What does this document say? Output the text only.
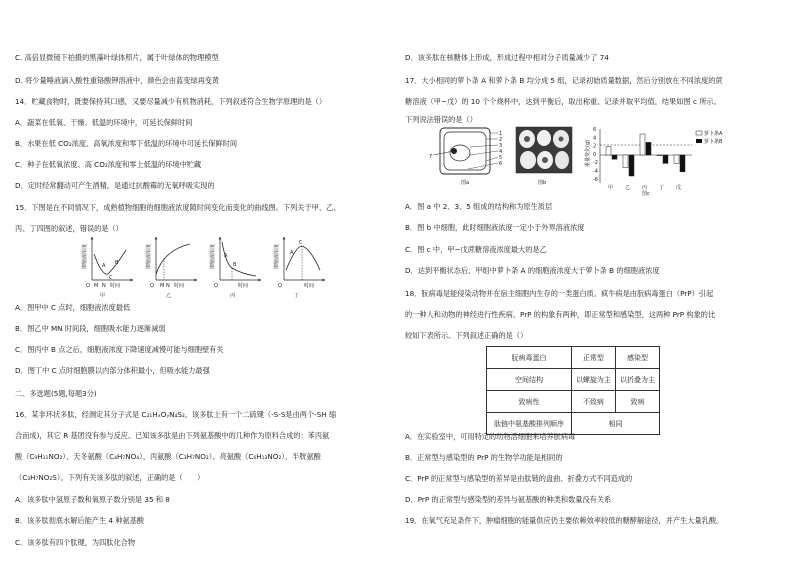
C. 高倍显微镜下拍摄的黑藻叶绿体照片，属于叶绿体的物理模型
D. 将少量唾液滴入酸性重铬酸钾溶液中，颜色会由蓝变绿再变黄
14．贮藏食物时，既要保持其口感，又要尽量减少有机物消耗，下列叙述符合生物学原理的是（）
A．蔬菜在低氧、干燥、低温的环境中，可延长保鲜时间
B．水果在低 CO₂浓度、高氧浓度和零下低温的环境中可延长保鲜时间
C．种子在低氧浓度、高 CO₂浓度和零上低温的环境中贮藏
D．定时经常翻动可产生酒精，是通过抗酸霉的无氧呼吸实现的
15．下图是在不同情况下，成熟植物细胞的细胞液浓度随时间变化而变化的曲线图。下列关于甲、乙、
丙、丁四图的叙述，错误的是（）
细胞液浓度	A B
C
O M N 时间
甲
细胞液浓度
O M N 时间
乙
细胞液浓度 A
B
O	时间
丙
细胞液浓度 A
C
O	时间
丁
A．图甲中 C 点时，细胞液浓度最低
B．图乙中 MN 时间段，细胞吸水能力逐渐减弱
C．图丙中 B 点之后，细胞液浓度下降速度减慢可能与细胞壁有关
D．图丁中 C 点时细胞膜以内部分体积最小，但吸水能力最强
二、多选题(5题,每题3分)
16．某非环状多肽，经测定其分子式是 C₂₁HₓOᵧN₄S₂，该多肽上有一个二硫键（-S-S是由两个-SH 缩
合而成)，其它 R 基团没有参与反应。已知该多肽是由下列氨基酸中的几种作为原料合成的：苯丙氨
酸（C₉H₁₁NO₂）、天冬氨酸（C₄H₇NO₄）、丙氨酸（C₃H₇NO₂）、亮氨酸（C₆H₁₃NO₂）、半胱氨酸
（C₃H₇NO₂S）。下列有关该多肽的叙述，正确的是（　　）
A．该多肽中氢原子数和氧原子数分别是 35 和 8
B．该多肽彻底水解后能产生 4 种氨基酸
C．该多肽有四个肽键，为四肽化合物
D．该多肽在核糖体上形成，形成过程中相对分子质量减少了 74
17．大小相同的萝卜条 A 和萝卜条 B 均分成 5 组，记录初始质量数据，然后分别放在不同浓度的蔗
糖溶液（甲~戊）的 10 个个烧杯中，达到平衡后，取出称重、记录并取平均值，结果如图 c 所示。
下列说法错误的是（）
7
1
2
3
4
5
6
图a	图b
重量变化(g)
6
4
2
0
-2
-4
-6
甲 乙 丙 丁 戊
萝卜条A
萝卜条B
图c
A．图 a 中 2、3、5 组成的结构称为原生质层
B．图 b 中细胞，此时细胞液浓度一定小于外界溶液浓度
C．图 c 中，甲~戊蔗糖溶液浓度最大的是乙
D．达到平衡状态后，甲组中萝卜条 A 的细胞液浓度大于萝卜条 B 的细胞液浓度
18．朊病毒是能侵染动物并在宿主细胞内生存的一类蛋白质。疯牛病是由朊病毒蛋白（PrP）引起
的一种人和动物的神经进行性疾病，PrP 的构象有两种，即正常型和感染型，这两种 PrP 构象的比
较如下表所示。下列叙述正确的是（）
朊病毒蛋白	正常型	感染型
空间结构	以螺旋为主	以折叠为主
致病性	不致病	致病
肽链中氨基酸排列顺序	相同	
A．在实验室中，可用特定的动物活细胞来培养朊病毒
B．正常型与感染型的 PrP 的生物学功能是相同的
C．PrP 的正常型与感染型的差异是由肽链的盘曲、折叠方式不同造成的
D．PrP 的正常型与感染型的差异与氨基酸的种类和数量没有关系
19．在氧气充足条件下，肿瘤细胞的能量供应仍主要依赖效率较低的糖酵解途径，并产生大量乳酸。
